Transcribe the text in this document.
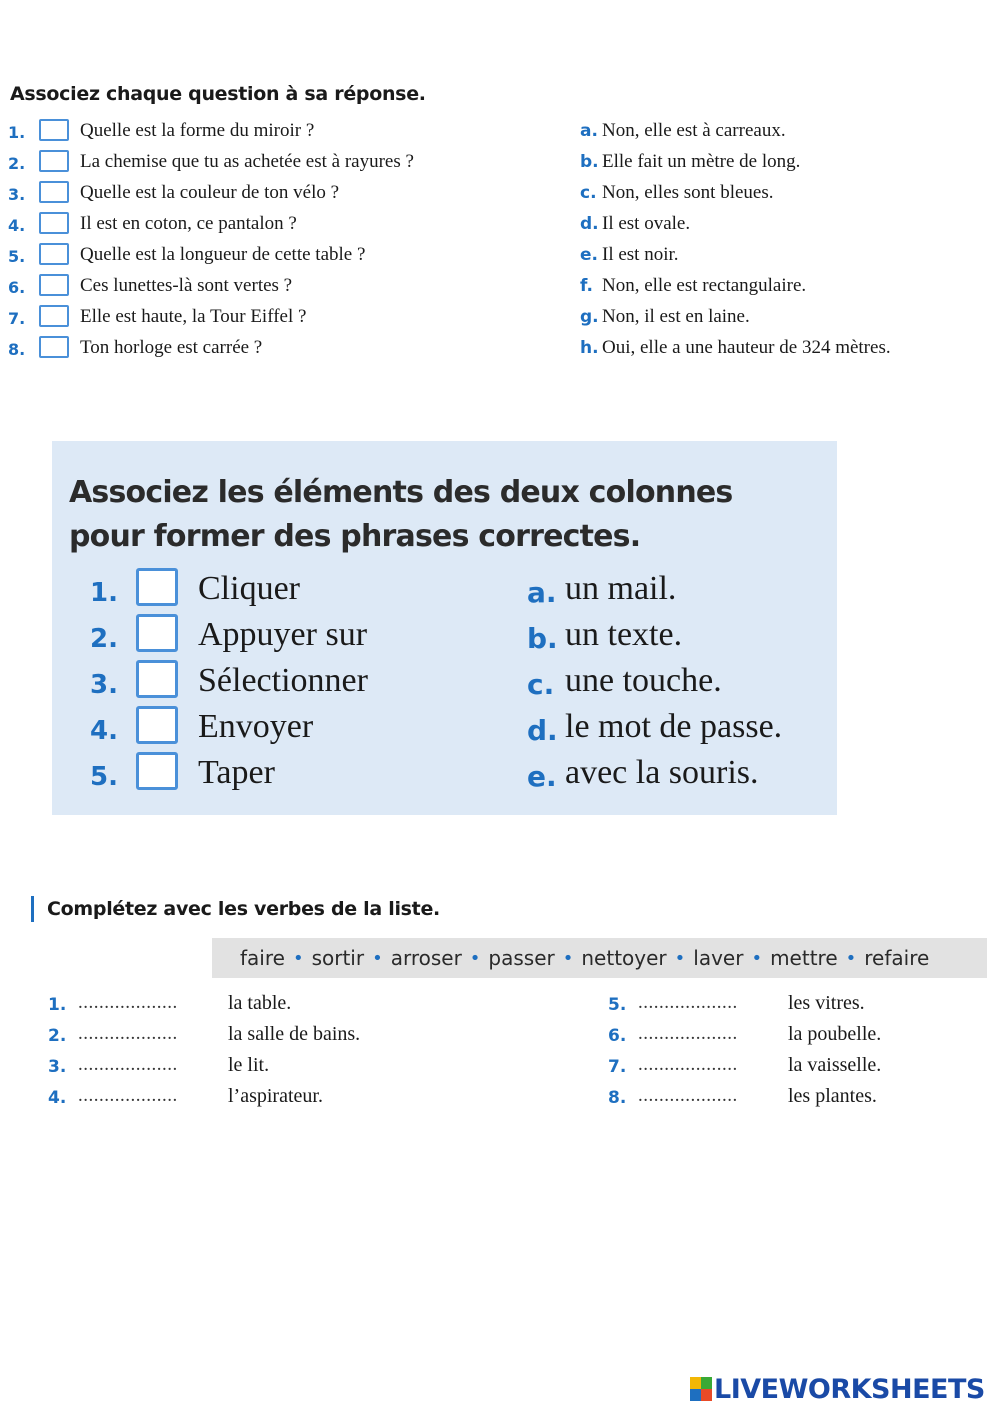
Associez chaque question à sa réponse.
1.	Quelle est la forme du miroir ?	a. Non, elle est à carreaux.
2.	La chemise que tu as achetée est à rayures ?	b. Elle fait un mètre de long.
3.	Quelle est la couleur de ton vélo ?	c. Non, elles sont bleues.
4.	Il est en coton, ce pantalon ?	d. Il est ovale.
5.	Quelle est la longueur de cette table ?	e. Il est noir.
6.	Ces lunettes-là sont vertes ?	f. Non, elle est rectangulaire.
7.	Elle est haute, la Tour Eiffel ?	g. Non, il est en laine.
8.	Ton horloge est carrée ?	h. Oui, elle a une hauteur de 324 mètres.
Associez les éléments des deux colonnes
pour former des phrases correctes.
1. Cliquer	a. un mail.
2. Appuyer sur	b. un texte.
3. Sélectionner	c. une touche.
4. Envoyer	d. le mot de passe.
5. Taper	e. avec la souris.
Complétez avec les verbes de la liste.
faire • sortir • arroser • passer • nettoyer • laver • mettre • refaire
1. ...................	la table.
2. ...................	la salle de bains.
3. ...................	le lit.
4. ...................	l’aspirateur.
5. ...................	les vitres.
6. ...................	la poubelle.
7. ...................	la vaisselle.
8. ...................	les plantes.
LIVEWORKSHEETS
